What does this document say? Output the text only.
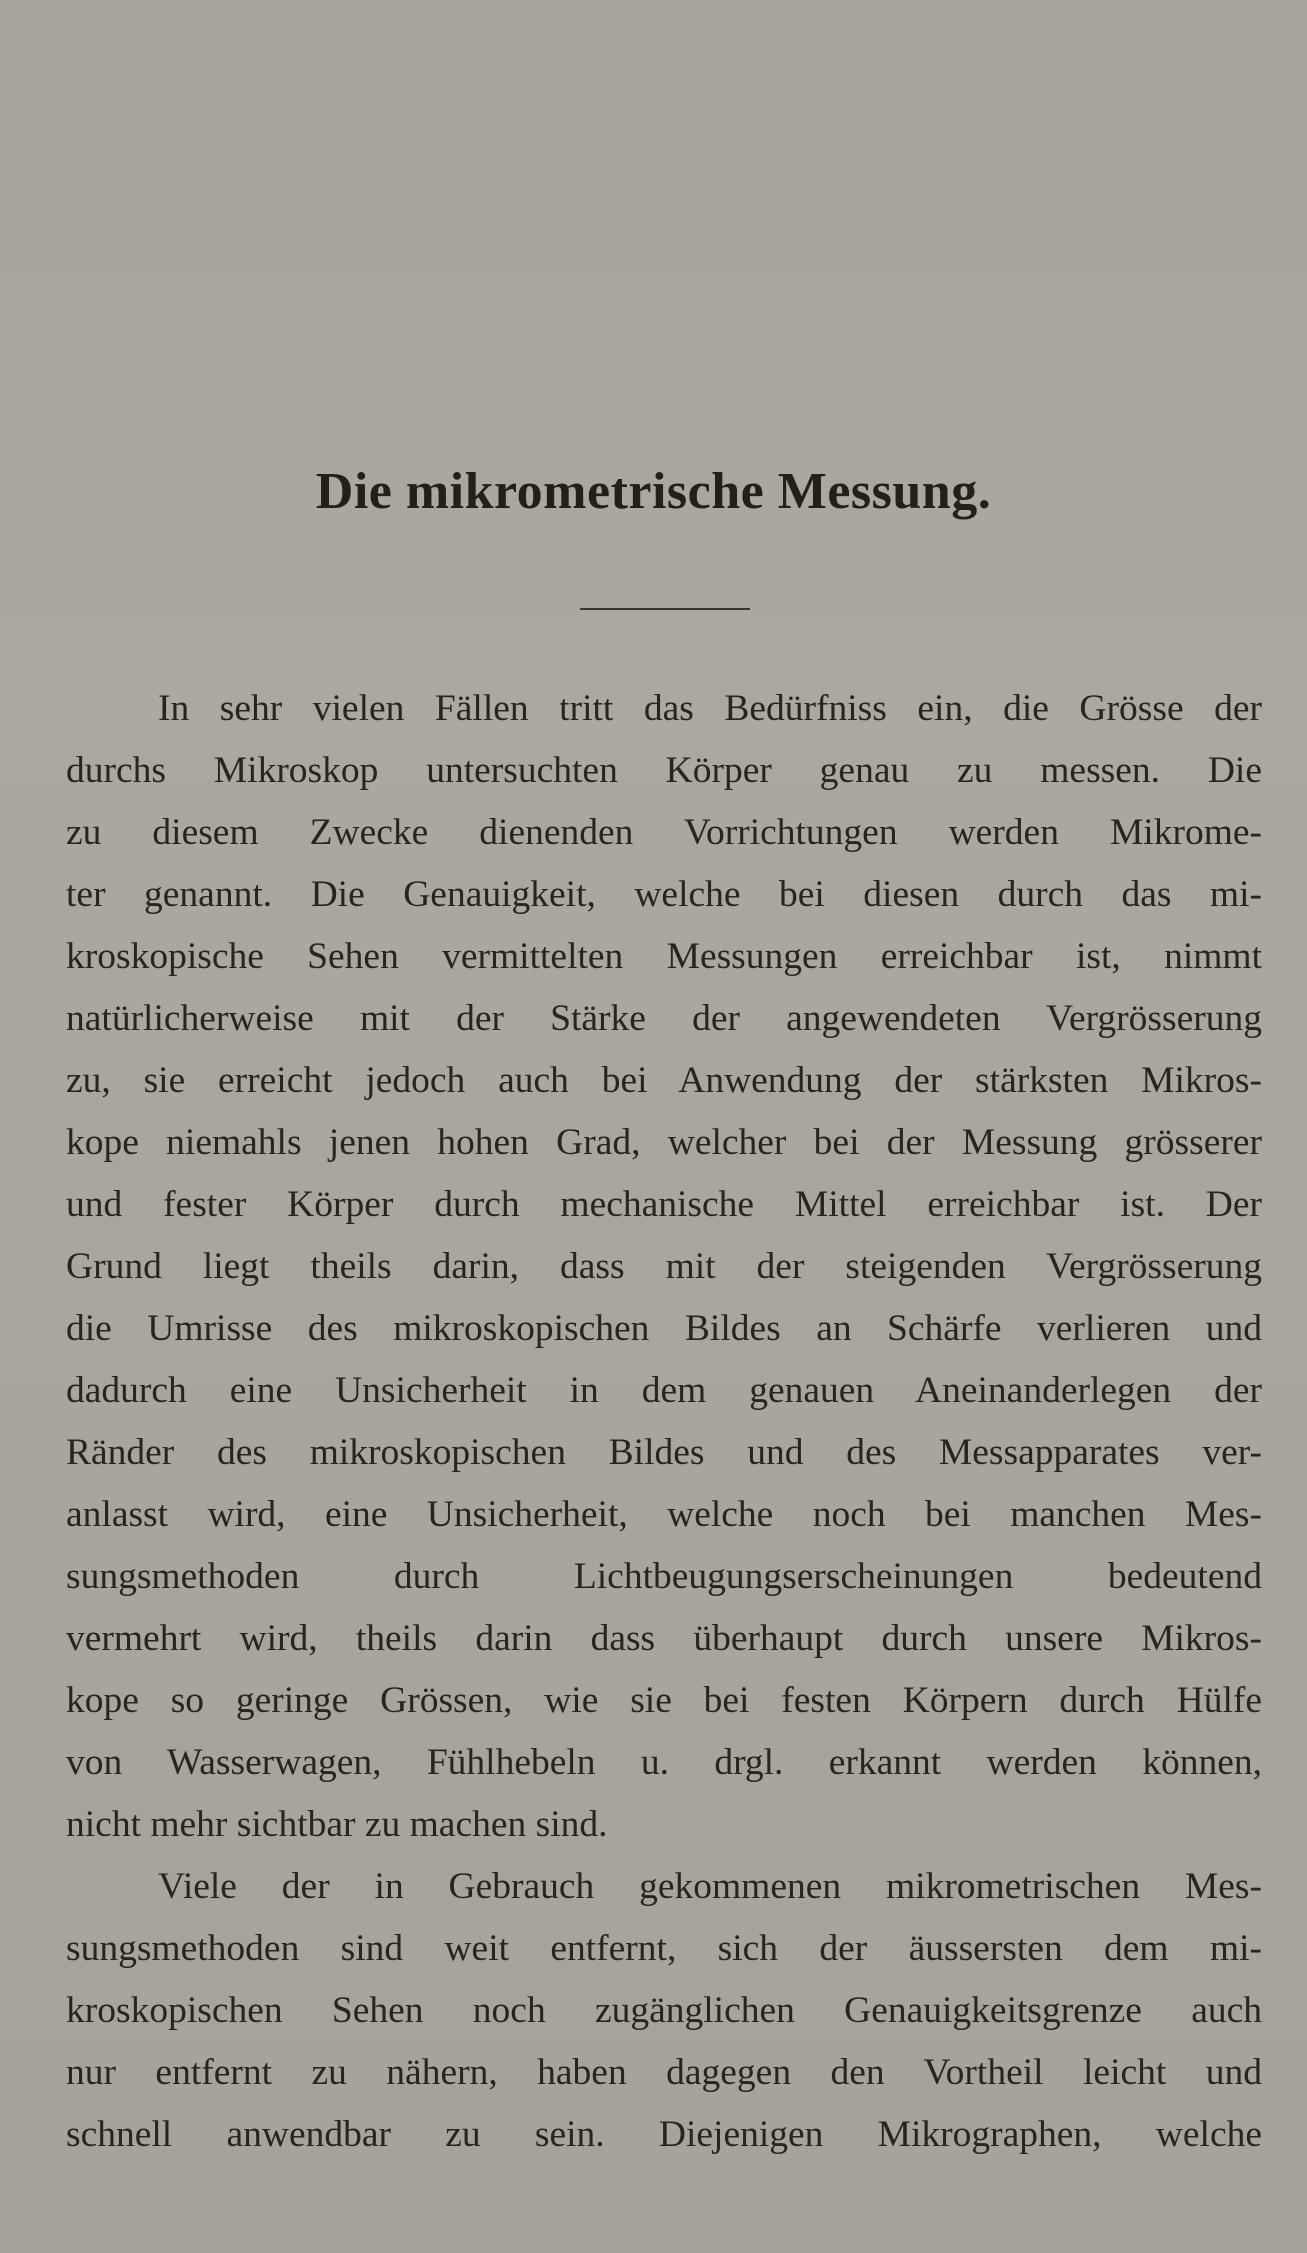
Die mikrometrische Messung.
In sehr vielen Fällen tritt das Bedürfniss ein, die Grösse der
durchs Mikroskop untersuchten Körper genau zu messen. Die
zu diesem Zwecke dienenden Vorrichtungen werden Mikrome-
ter genannt. Die Genauigkeit, welche bei diesen durch das mi-
kroskopische Sehen vermittelten Messungen erreichbar ist, nimmt
natürlicherweise mit der Stärke der angewendeten Vergrösserung
zu, sie erreicht jedoch auch bei Anwendung der stärksten Mikros-
kope niemahls jenen hohen Grad, welcher bei der Messung grösserer
und fester Körper durch mechanische Mittel erreichbar ist. Der
Grund liegt theils darin, dass mit der steigenden Vergrösserung
die Umrisse des mikroskopischen Bildes an Schärfe verlieren und
dadurch eine Unsicherheit in dem genauen Aneinanderlegen der
Ränder des mikroskopischen Bildes und des Messapparates ver-
anlasst wird, eine Unsicherheit, welche noch bei manchen Mes-
sungsmethoden durch Lichtbeugungserscheinungen bedeutend
vermehrt wird, theils darin dass überhaupt durch unsere Mikros-
kope so geringe Grössen, wie sie bei festen Körpern durch Hülfe
von Wasserwagen, Fühlhebeln u. drgl. erkannt werden können,
nicht mehr sichtbar zu machen sind.
Viele der in Gebrauch gekommenen mikrometrischen Mes-
sungsmethoden sind weit entfernt, sich der äussersten dem mi-
kroskopischen Sehen noch zugänglichen Genauigkeitsgrenze auch
nur entfernt zu nähern, haben dagegen den Vortheil leicht und
schnell anwendbar zu sein. Diejenigen Mikrographen, welche
